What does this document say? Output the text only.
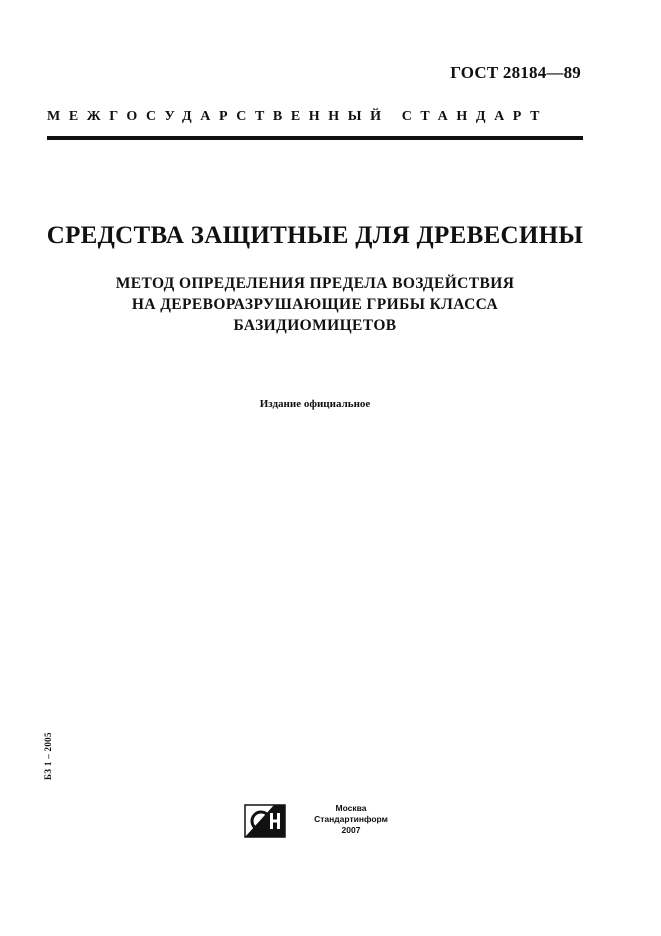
ГОСТ 28184—89
МЕЖГОСУДАРСТВЕННЫЙ СТАНДАРТ
СРЕДСТВА ЗАЩИТНЫЕ ДЛЯ ДРЕВЕСИНЫ
МЕТОД ОПРЕДЕЛЕНИЯ ПРЕДЕЛА ВОЗДЕЙСТВИЯ
НА ДЕРЕВОРАЗРУШАЮЩИЕ ГРИБЫ КЛАССА
БАЗИДИОМИЦЕТОВ
Издание официальное
БЗ 1 – 2005
Москва
Стандартинформ
2007
